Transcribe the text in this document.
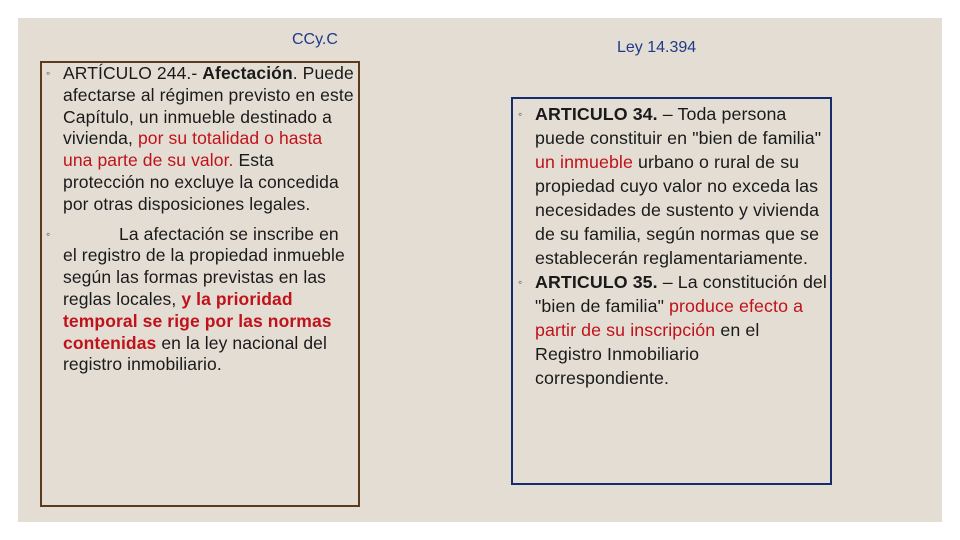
CCy.C	Ley 14.394
◦ ARTÍCULO 244.- Afectación. Puede afectarse al régimen previsto en este Capítulo, un inmueble destinado a vivienda, por su totalidad o hasta una parte de su valor. Esta protección no excluye la concedida por otras disposiciones legales.
◦	La afectación se inscribe en el registro de la propiedad inmueble según las formas previstas en las reglas locales, y la prioridad temporal se rige por las normas contenidas en la ley nacional del registro inmobiliario.
◦ ARTICULO 34. – Toda persona puede constituir en "bien de familia" un inmueble urbano o rural de su propiedad cuyo valor no exceda las necesidades de sustento y vivienda de su familia, según normas que se establecerán reglamentariamente.
◦ ARTICULO 35. – La constitución del "bien de familia" produce efecto a partir de su inscripción en el Registro Inmobiliario correspondiente.
